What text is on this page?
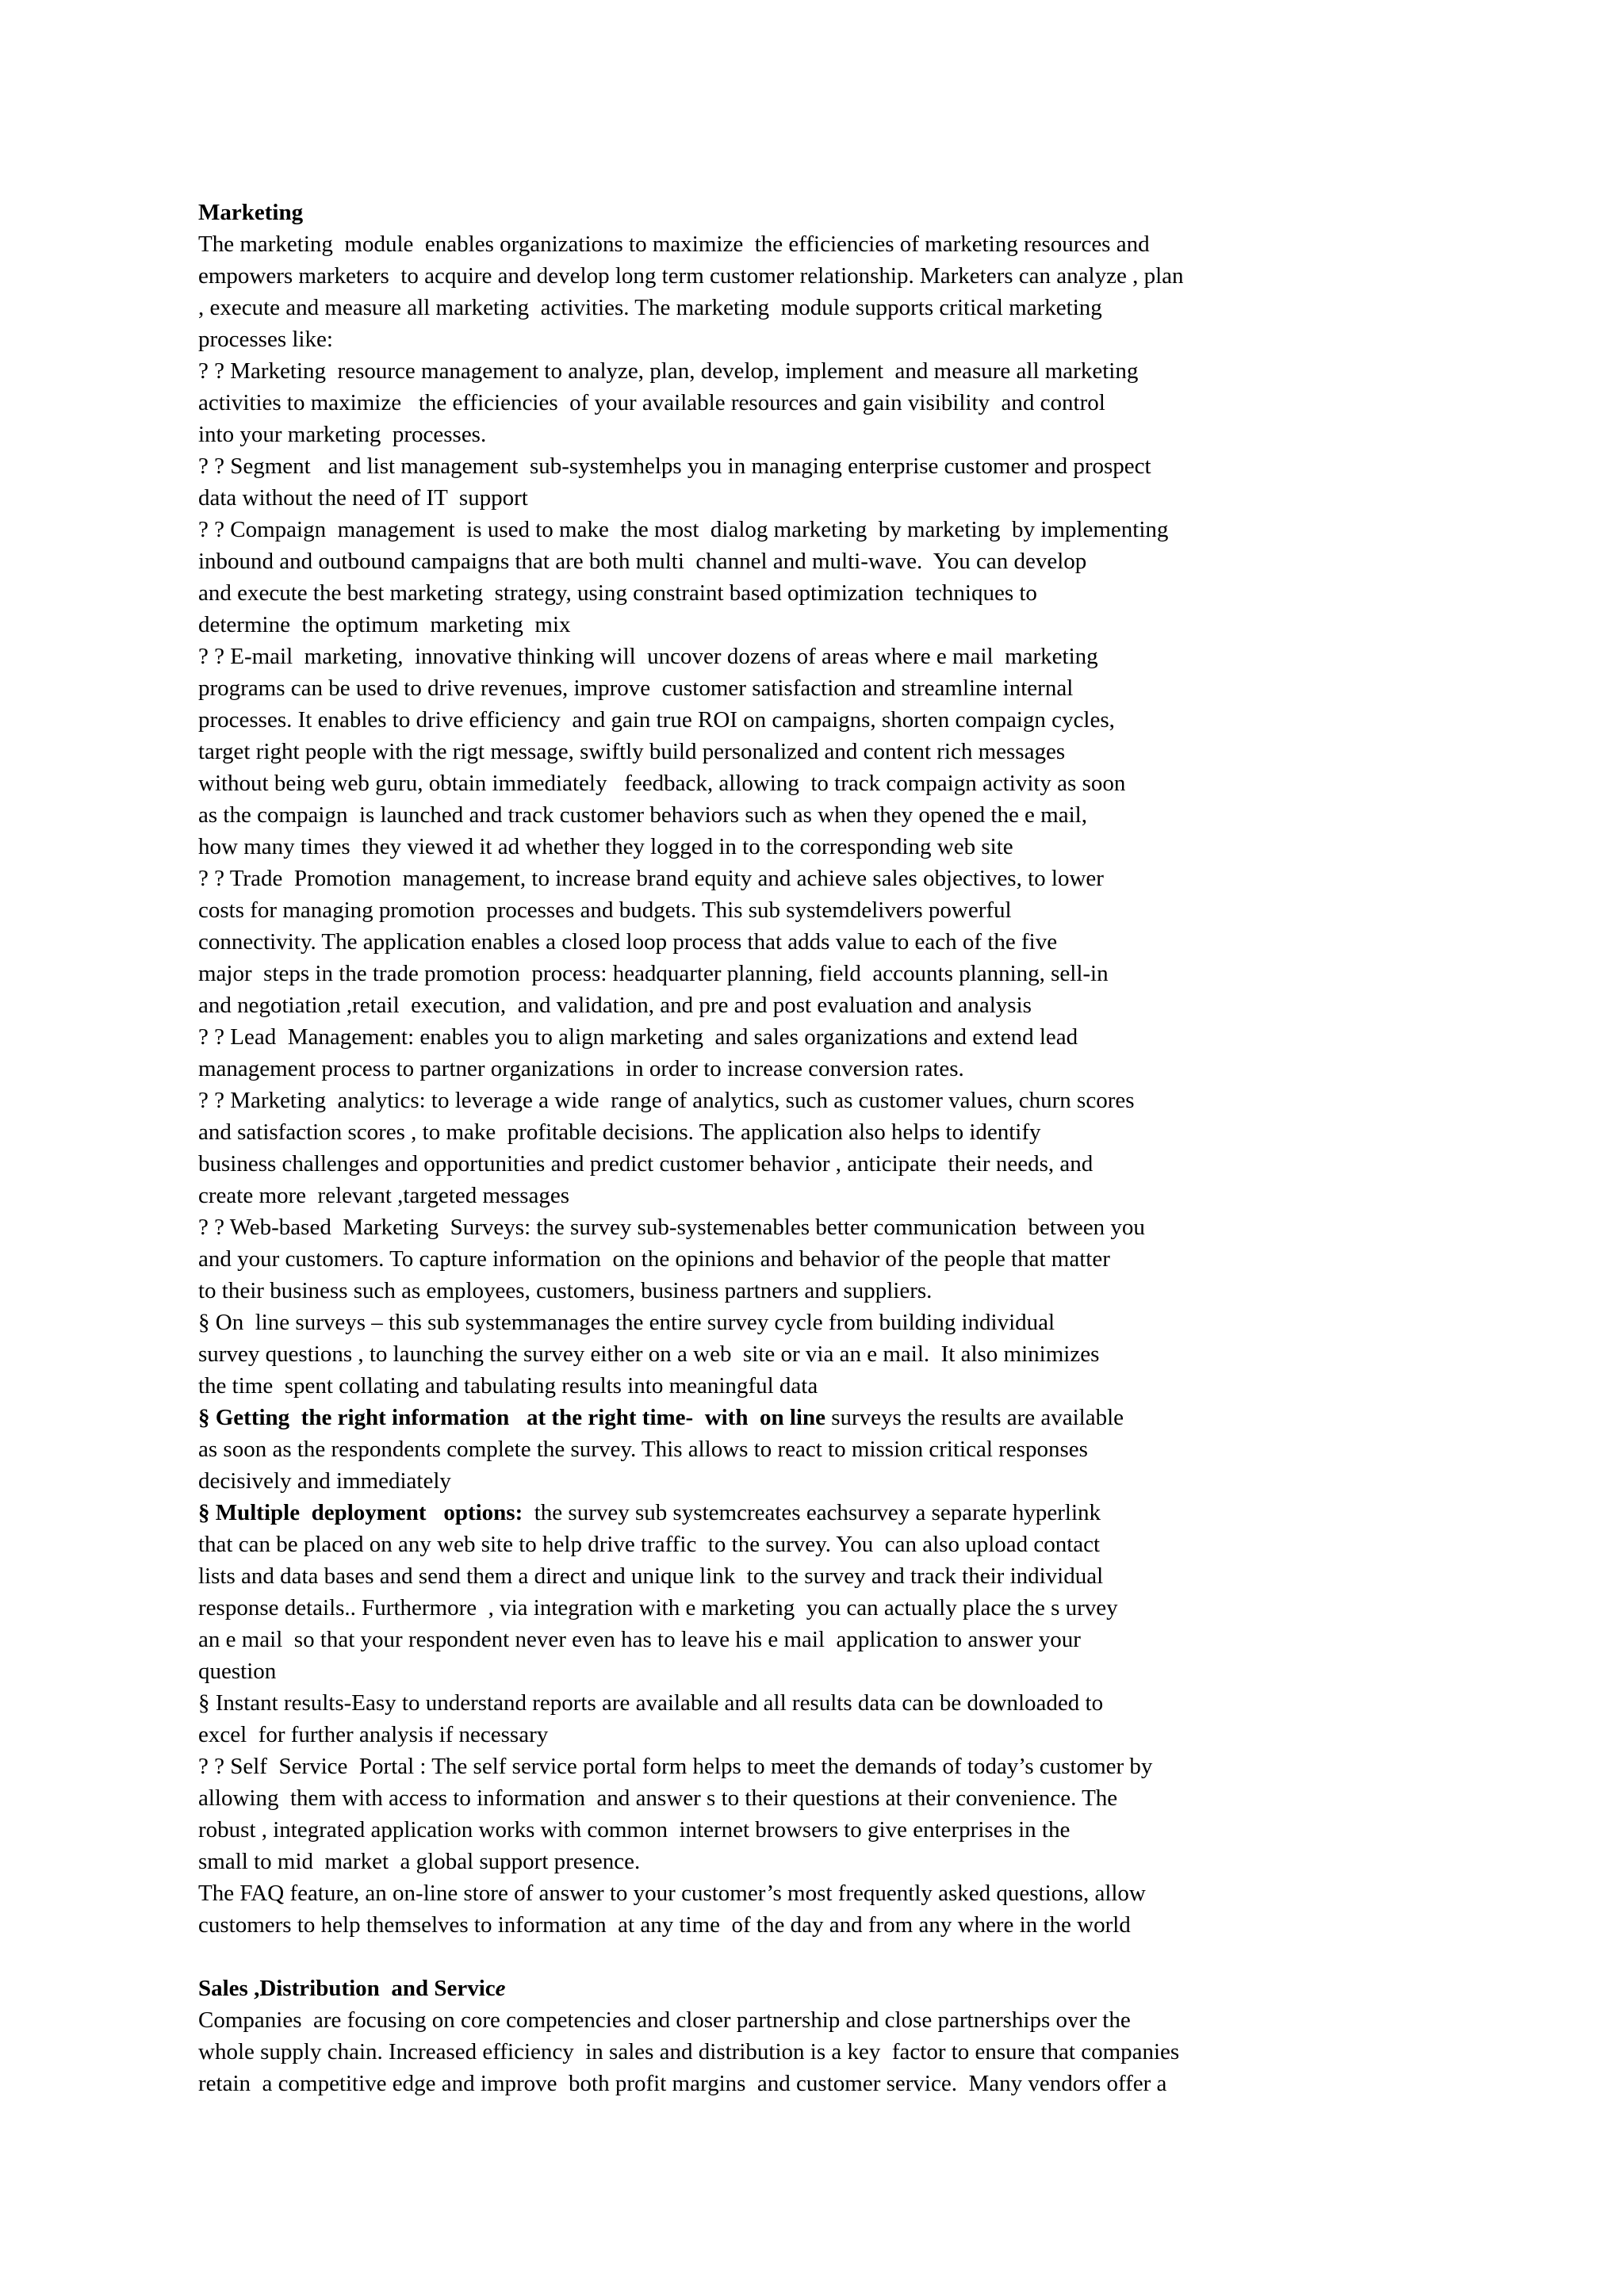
Marketing
The marketing  module  enables organizations to maximize  the efficiencies of marketing resources and
empowers marketers  to acquire and develop long term customer relationship. Marketers can analyze , plan
, execute and measure all marketing  activities. The marketing  module supports critical marketing
processes like:
? ? Marketing  resource management to analyze, plan, develop, implement  and measure all marketing
activities to maximize   the efficiencies  of your available resources and gain visibility  and control
into your marketing  processes.
? ? Segment   and list management  sub-systemhelps you in managing enterprise customer and prospect
data without the need of IT  support
? ? Compaign  management  is used to make  the most  dialog marketing  by marketing  by implementing
inbound and outbound campaigns that are both multi  channel and multi-wave.  You can develop
and execute the best marketing  strategy, using constraint based optimization  techniques to
determine  the optimum  marketing  mix
? ? E-mail  marketing,  innovative thinking will  uncover dozens of areas where e mail  marketing
programs can be used to drive revenues, improve  customer satisfaction and streamline internal
processes. It enables to drive efficiency  and gain true ROI on campaigns, shorten compaign cycles,
target right people with the rigt message, swiftly build personalized and content rich messages
without being web guru, obtain immediately   feedback, allowing  to track compaign activity as soon
as the compaign  is launched and track customer behaviors such as when they opened the e mail,
how many times  they viewed it ad whether they logged in to the corresponding web site
? ? Trade  Promotion  management, to increase brand equity and achieve sales objectives, to lower
costs for managing promotion  processes and budgets. This sub systemdelivers powerful
connectivity. The application enables a closed loop process that adds value to each of the five
major  steps in the trade promotion  process: headquarter planning, field  accounts planning, sell-in
and negotiation ,retail  execution,  and validation, and pre and post evaluation and analysis
? ? Lead  Management: enables you to align marketing  and sales organizations and extend lead
management process to partner organizations  in order to increase conversion rates.
? ? Marketing  analytics: to leverage a wide  range of analytics, such as customer values, churn scores
and satisfaction scores , to make  profitable decisions. The application also helps to identify
business challenges and opportunities and predict customer behavior , anticipate  their needs, and
create more  relevant ,targeted messages
? ? Web-based  Marketing  Surveys: the survey sub-systemenables better communication  between you
and your customers. To capture information  on the opinions and behavior of the people that matter
to their business such as employees, customers, business partners and suppliers.
§ On  line surveys – this sub systemmanages the entire survey cycle from building individual
survey questions , to launching the survey either on a web  site or via an e mail.  It also minimizes
the time  spent collating and tabulating results into meaningful data
§ Getting  the right information   at the right time-  with  on line surveys the results are available
as soon as the respondents complete the survey. This allows to react to mission critical responses
decisively and immediately
§ Multiple  deployment   options:  the survey sub systemcreates eachsurvey a separate hyperlink
that can be placed on any web site to help drive traffic  to the survey. You  can also upload contact
lists and data bases and send them a direct and unique link  to the survey and track their individual
response details.. Furthermore  , via integration with e marketing  you can actually place the s urvey
an e mail  so that your respondent never even has to leave his e mail  application to answer your
question
§ Instant results-Easy to understand reports are available and all results data can be downloaded to
excel  for further analysis if necessary
? ? Self  Service  Portal : The self service portal form helps to meet the demands of today’s customer by
allowing  them with access to information  and answer s to their questions at their convenience. The
robust , integrated application works with common  internet browsers to give enterprises in the
small to mid  market  a global support presence.
The FAQ feature, an on-line store of answer to your customer’s most frequently asked questions, allow
customers to help themselves to information  at any time  of the day and from any where in the world
Sales ,Distribution  and Service
Companies  are focusing on core competencies and closer partnership and close partnerships over the
whole supply chain. Increased efficiency  in sales and distribution is a key  factor to ensure that companies
retain  a competitive edge and improve  both profit margins  and customer service.  Many vendors offer a
